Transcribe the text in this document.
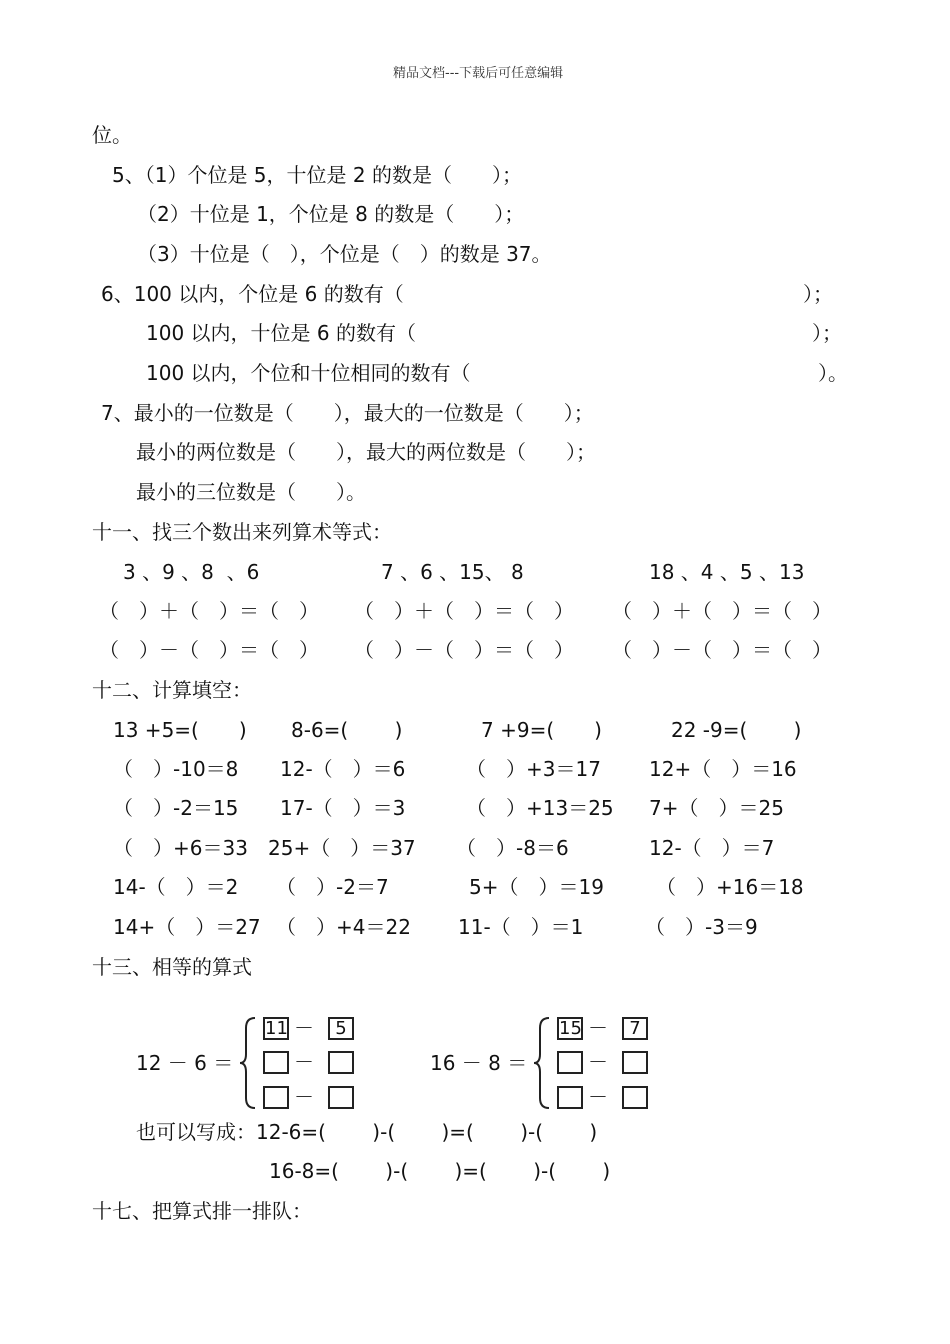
精品文档---下载后可任意编辑
位。
5、（1）个位是 5，十位是 2 的数是（　　）；
（2）十位是 1，个位是 8 的数是（　　）；
（3）十位是（　），个位是（　）的数是 37。
6、100 以内，个位是 6 的数有（	）；
100 以内，十位是 6 的数有（	）；
100 以内，个位和十位相同的数有（	）。
7、最小的一位数是（　　），最大的一位数是（　　）；
最小的两位数是（　　），最大的两位数是（　　）；
最小的三位数是（　　）。
十一、找三个数出来列算术等式：
3 、9 、8  、6	7 、6 、15、 8	18 、4 、5 、13
（　）＋（　）＝（　） （　）＋（　）＝（　） （　）＋（　）＝（　）
（　）－（　）＝（　） （　）－（　）＝（　） （　）－（　）＝（　）
十二、计算填空：
13 +5=(　　) 8-6=(　　 )	7 +9=(　　)	22 -9=(　　 )
（　）-10＝8 12-（　）＝6	（　）+3＝17 12+（　）＝16
（　）-2＝15 17-（　）＝3	（　）+13＝25 7+（　）＝25
（　）+6＝33 25+（　）＝37 （　）-8＝6	12-（　）＝7
14-（　）＝2 （　）-2＝7	5+（　）＝19	（　）+16＝18
14+（　）＝27 （　）+4＝22 11-（　）＝1	（　）-3＝9
十三、相等的算式
12 － 6 ＝
11 －	5
－
－
16 － 8 ＝
15 －	7
－
－
也可以写成：12-6=(　　 )-(　　 )=(　　 )-(　　 )
16-8=(　　 )-(　　 )=(　　 )-(　　 )
十七、把算式排一排队：
